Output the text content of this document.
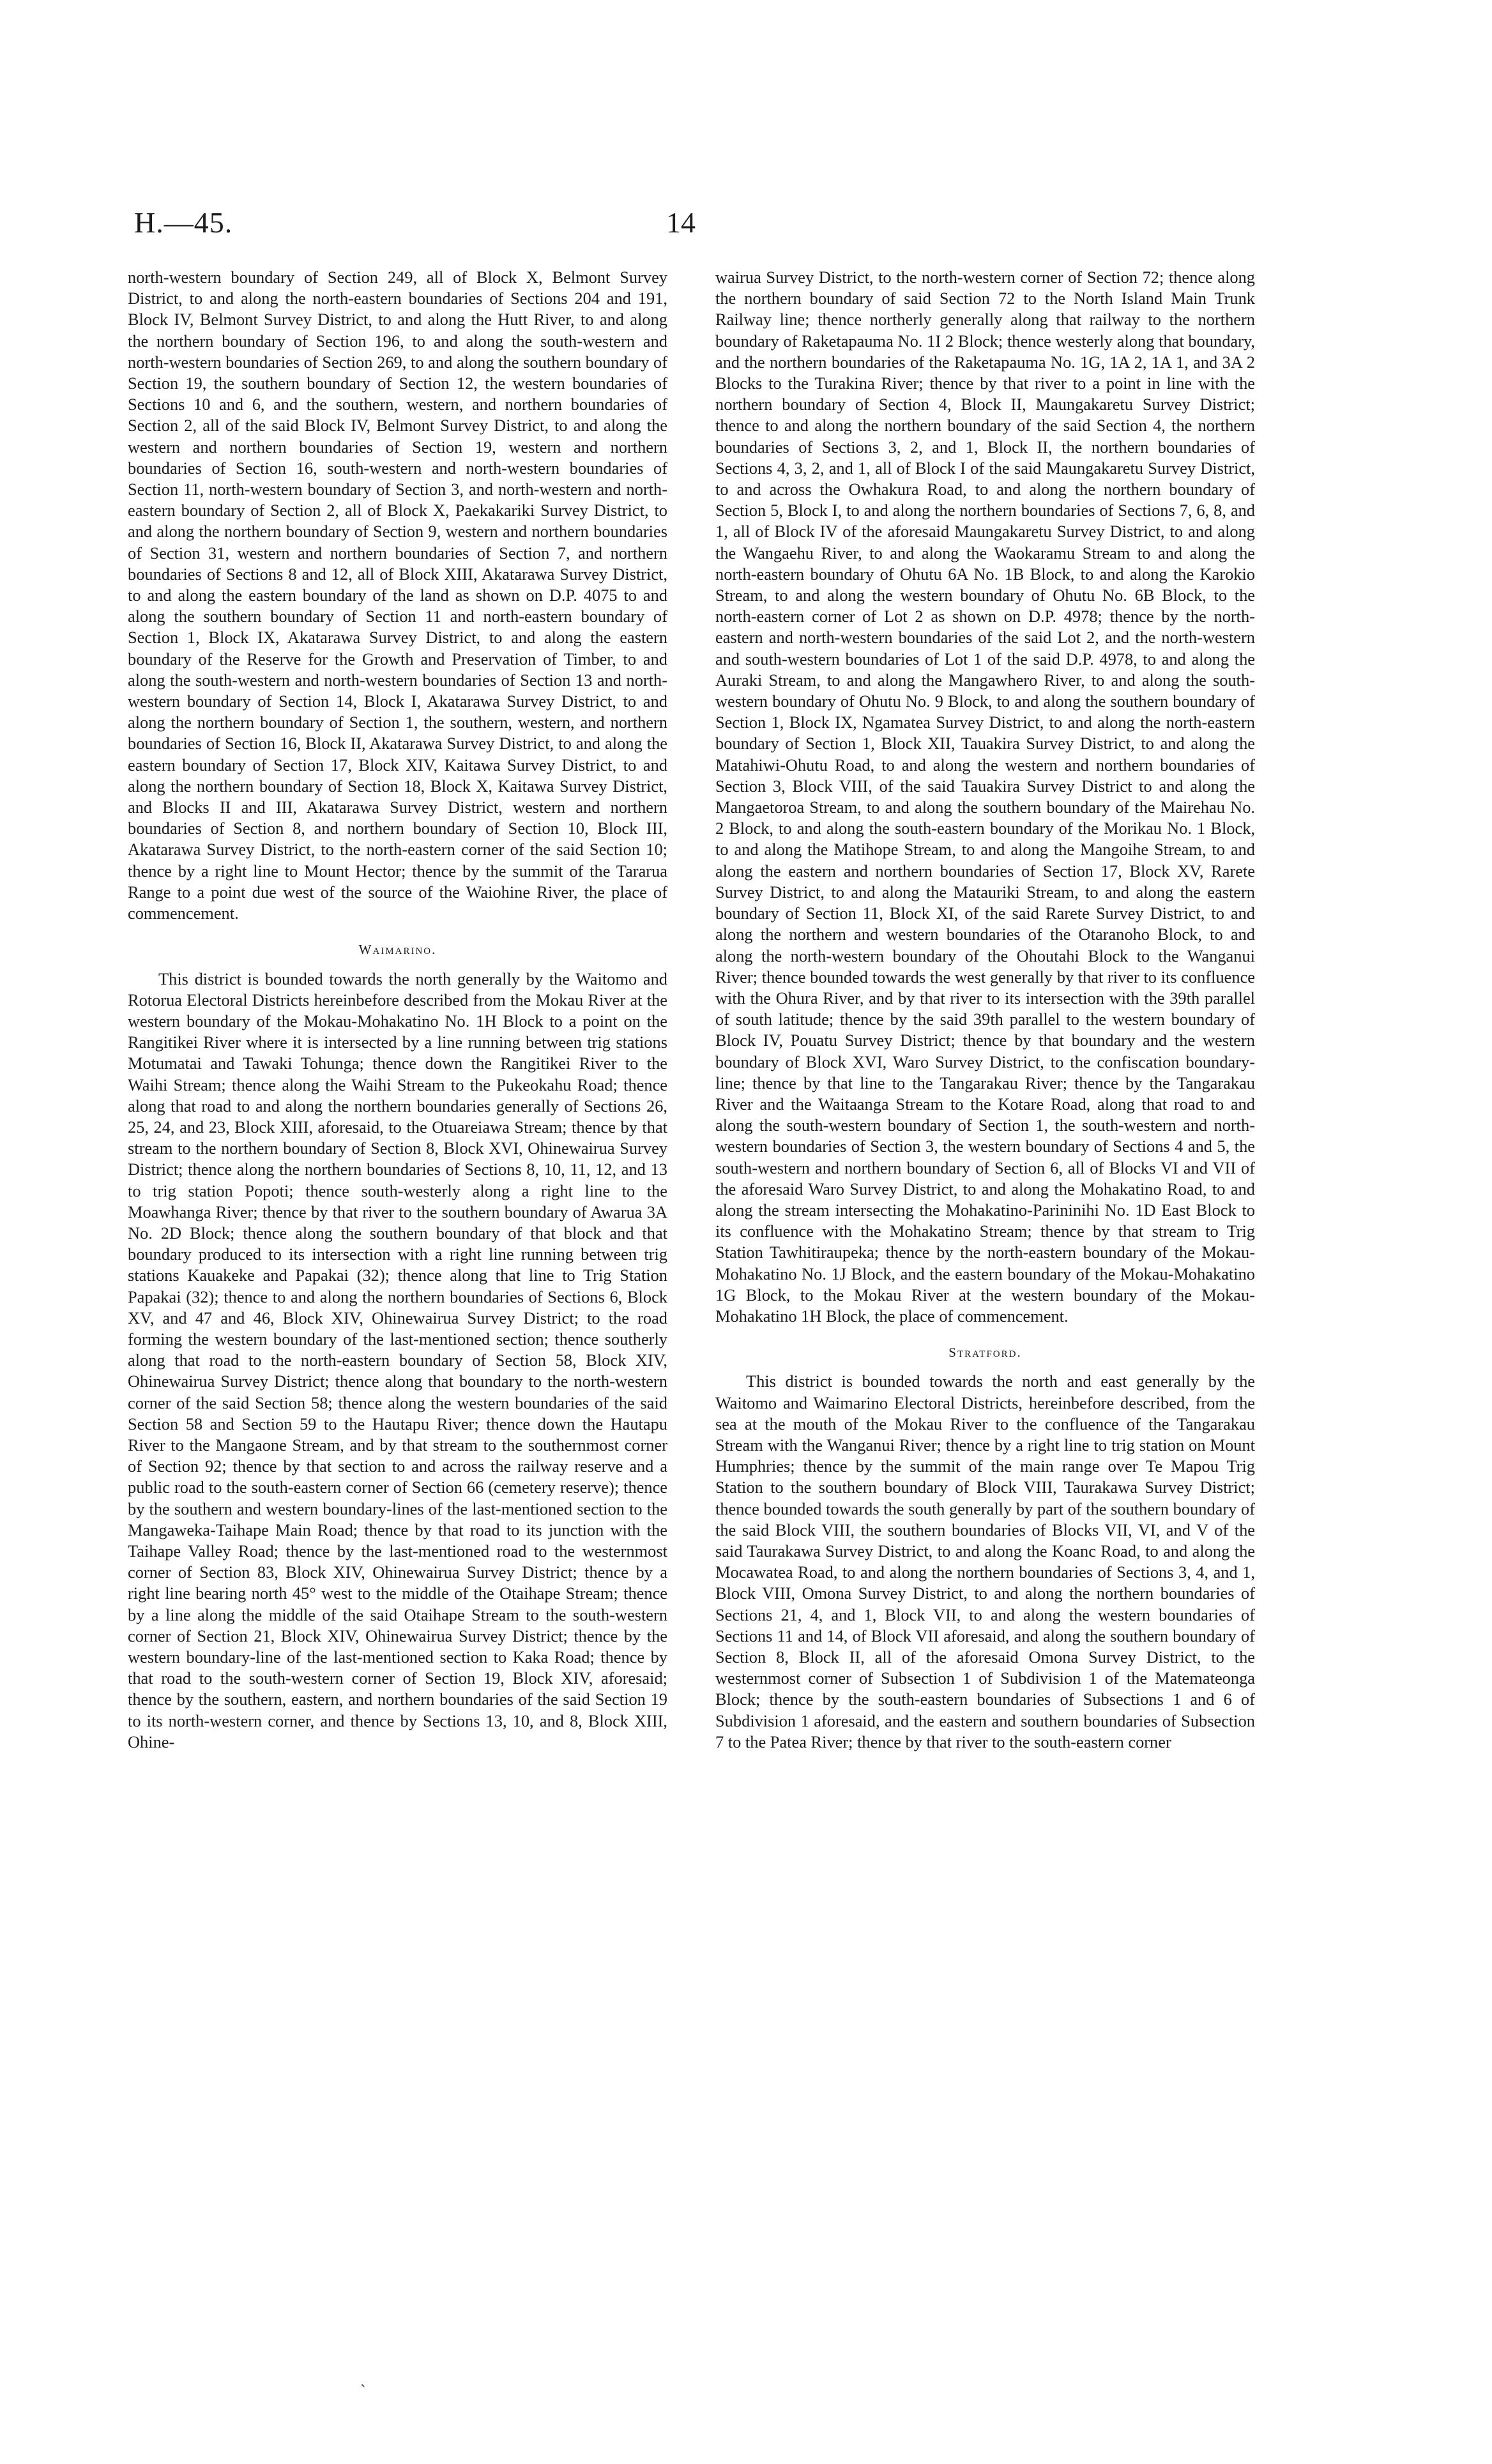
H.—45.	14

north-western boundary of Section 249, all of Block X, Belmont Survey District, to and along the north-eastern boundaries of Sections 204 and 191, Block IV, Belmont Survey District, to and along the Hutt River, to and along the northern boundary of Section 196, to and along the south-western and north-western boundaries of Section 269, to and along the southern boundary of Section 19, the southern boundary of Section 12, the western boundaries of Sections 10 and 6, and the southern, western, and northern boundaries of Section 2, all of the said Block IV, Belmont Survey District, to and along the western and northern boundaries of Section 19, western and northern boundaries of Section 16, south-western and north-western boundaries of Section 11, north-western boundary of Section 3, and north-western and north-eastern boundary of Section 2, all of Block X, Paekakariki Survey District, to and along the northern boundary of Section 9, western and northern boundaries of Section 31, western and northern boundaries of Section 7, and northern boundaries of Sections 8 and 12, all of Block XIII, Akatarawa Survey District, to and along the eastern boundary of the land as shown on D.P. 4075 to and along the southern boundary of Section 11 and north-eastern boundary of Section 1, Block IX, Akatarawa Survey District, to and along the eastern boundary of the Reserve for the Growth and Preservation of Timber, to and along the south-western and north-western boundaries of Section 13 and north-western boundary of Section 14, Block I, Akatarawa Survey District, to and along the northern boundary of Section 1, the southern, western, and northern boundaries of Section 16, Block II, Akatarawa Survey District, to and along the eastern boundary of Section 17, Block XIV, Kaitawa Survey District, to and along the northern boundary of Section 18, Block X, Kaitawa Survey District, and Blocks II and III, Akatarawa Survey District, western and northern boundaries of Section 8, and northern boundary of Section 10, Block III, Akatarawa Survey District, to the north-eastern corner of the said Section 10; thence by a right line to Mount Hector; thence by the summit of the Tararua Range to a point due west of the source of the Waiohine River, the place of commencement.

Waimarino.

This district is bounded towards the north generally by the Waitomo and Rotorua Electoral Districts hereinbefore described from the Mokau River at the western boundary of the Mokau-Mohakatino No. 1H Block to a point on the Rangitikei River where it is intersected by a line running between trig stations Motumatai and Tawaki Tohunga; thence down the Rangitikei River to the Waihi Stream; thence along the Waihi Stream to the Pukeokahu Road; thence along that road to and along the northern boundaries generally of Sections 26, 25, 24, and 23, Block XIII, aforesaid, to the Otuareiawa Stream; thence by that stream to the northern boundary of Section 8, Block XVI, Ohinewairua Survey District; thence along the northern boundaries of Sections 8, 10, 11, 12, and 13 to trig station Popoti; thence south-westerly along a right line to the Moawhanga River; thence by that river to the southern boundary of Awarua 3A No. 2D Block; thence along the southern boundary of that block and that boundary produced to its intersection with a right line running between trig stations Kauakeke and Papakai (32); thence along that line to Trig Station Papakai (32); thence to and along the northern boundaries of Sections 6, Block XV, and 47 and 46, Block XIV, Ohinewairua Survey District; to the road forming the western boundary of the last-mentioned section; thence southerly along that road to the north-eastern boundary of Section 58, Block XIV, Ohinewairua Survey District; thence along that boundary to the north-western corner of the said Section 58; thence along the western boundaries of the said Section 58 and Section 59 to the Hautapu River; thence down the Hautapu River to the Mangaone Stream, and by that stream to the southernmost corner of Section 92; thence by that section to and across the railway reserve and a public road to the south-eastern corner of Section 66 (cemetery reserve); thence by the southern and western boundary-lines of the last-mentioned section to the Mangaweka-Taihape Main Road; thence by that road to its junction with the Taihape Valley Road; thence by the last-mentioned road to the westernmost corner of Section 83, Block XIV, Ohinewairua Survey District; thence by a right line bearing north 45° west to the middle of the Otaihape Stream; thence by a line along the middle of the said Otaihape Stream to the south-western corner of Section 21, Block XIV, Ohinewairua Survey District; thence by the western boundary-line of the last-mentioned section to Kaka Road; thence by that road to the south-western corner of Section 19, Block XIV, aforesaid; thence by the southern, eastern, and northern boundaries of the said Section 19 to its north-western corner, and thence by Sections 13, 10, and 8, Block XIII, Ohine-

wairua Survey District, to the north-western corner of Section 72; thence along the northern boundary of said Section 72 to the North Island Main Trunk Railway line; thence northerly generally along that railway to the northern boundary of Raketapauma No. 1I 2 Block; thence westerly along that boundary, and the northern boundaries of the Raketapauma No. 1G, 1A 2, 1A 1, and 3A 2 Blocks to the Turakina River; thence by that river to a point in line with the northern boundary of Section 4, Block II, Maungakaretu Survey District; thence to and along the northern boundary of the said Section 4, the northern boundaries of Sections 3, 2, and 1, Block II, the northern boundaries of Sections 4, 3, 2, and 1, all of Block I of the said Maungakaretu Survey District, to and across the Owhakura Road, to and along the northern boundary of Section 5, Block I, to and along the northern boundaries of Sections 7, 6, 8, and 1, all of Block IV of the aforesaid Maungakaretu Survey District, to and along the Wangaehu River, to and along the Waokaramu Stream to and along the north-eastern boundary of Ohutu 6A No. 1B Block, to and along the Karokio Stream, to and along the western boundary of Ohutu No. 6B Block, to the north-eastern corner of Lot 2 as shown on D.P. 4978; thence by the north-eastern and north-western boundaries of the said Lot 2, and the north-western and south-western boundaries of Lot 1 of the said D.P. 4978, to and along the Auraki Stream, to and along the Mangawhero River, to and along the south-western boundary of Ohutu No. 9 Block, to and along the southern boundary of Section 1, Block IX, Ngamatea Survey District, to and along the north-eastern boundary of Section 1, Block XII, Tauakira Survey District, to and along the Matahiwi-Ohutu Road, to and along the western and northern boundaries of Section 3, Block VIII, of the said Tauakira Survey District to and along the Mangaetoroa Stream, to and along the southern boundary of the Mairehau No. 2 Block, to and along the south-eastern boundary of the Morikau No. 1 Block, to and along the Matihope Stream, to and along the Mangoihe Stream, to and along the eastern and northern boundaries of Section 17, Block XV, Rarete Survey District, to and along the Matauriki Stream, to and along the eastern boundary of Section 11, Block XI, of the said Rarete Survey District, to and along the northern and western boundaries of the Otaranoho Block, to and along the north-western boundary of the Ohoutahi Block to the Wanganui River; thence bounded towards the west generally by that river to its confluence with the Ohura River, and by that river to its intersection with the 39th parallel of south latitude; thence by the said 39th parallel to the western boundary of Block IV, Pouatu Survey District; thence by that boundary and the western boundary of Block XVI, Waro Survey District, to the confiscation boundary-line; thence by that line to the Tangarakau River; thence by the Tangarakau River and the Waitaanga Stream to the Kotare Road, along that road to and along the south-western boundary of Section 1, the south-western and north-western boundaries of Section 3, the western boundary of Sections 4 and 5, the south-western and northern boundary of Section 6, all of Blocks VI and VII of the aforesaid Waro Survey District, to and along the Mohakatino Road, to and along the stream intersecting the Mohakatino-Parininihi No. 1D East Block to its confluence with the Mohakatino Stream; thence by that stream to Trig Station Tawhitiraupeka; thence by the north-eastern boundary of the Mokau-Mohakatino No. 1J Block, and the eastern boundary of the Mokau-Mohakatino 1G Block, to the Mokau River at the western boundary of the Mokau-Mohakatino 1H Block, the place of commencement.

Stratford.

This district is bounded towards the north and east generally by the Waitomo and Waimarino Electoral Districts, hereinbefore described, from the sea at the mouth of the Mokau River to the confluence of the Tangarakau Stream with the Wanganui River; thence by a right line to trig station on Mount Humphries; thence by the summit of the main range over Te Mapou Trig Station to the southern boundary of Block VIII, Taurakawa Survey District; thence bounded towards the south generally by part of the southern boundary of the said Block VIII, the southern boundaries of Blocks VII, VI, and V of the said Taurakawa Survey District, to and along the Koanc Road, to and along the Mocawatea Road, to and along the northern boundaries of Sections 3, 4, and 1, Block VIII, Omona Survey District, to and along the northern boundaries of Sections 21, 4, and 1, Block VII, to and along the western boundaries of Sections 11 and 14, of Block VII aforesaid, and along the southern boundary of Section 8, Block II, all of the aforesaid Omona Survey District, to the westernmost corner of Subsection 1 of Subdivision 1 of the Matemateonga Block; thence by the south-eastern boundaries of Subsections 1 and 6 of Subdivision 1 aforesaid, and the eastern and southern boundaries of Subsection 7 to the Patea River; thence by that river to the south-eastern corner

˴
